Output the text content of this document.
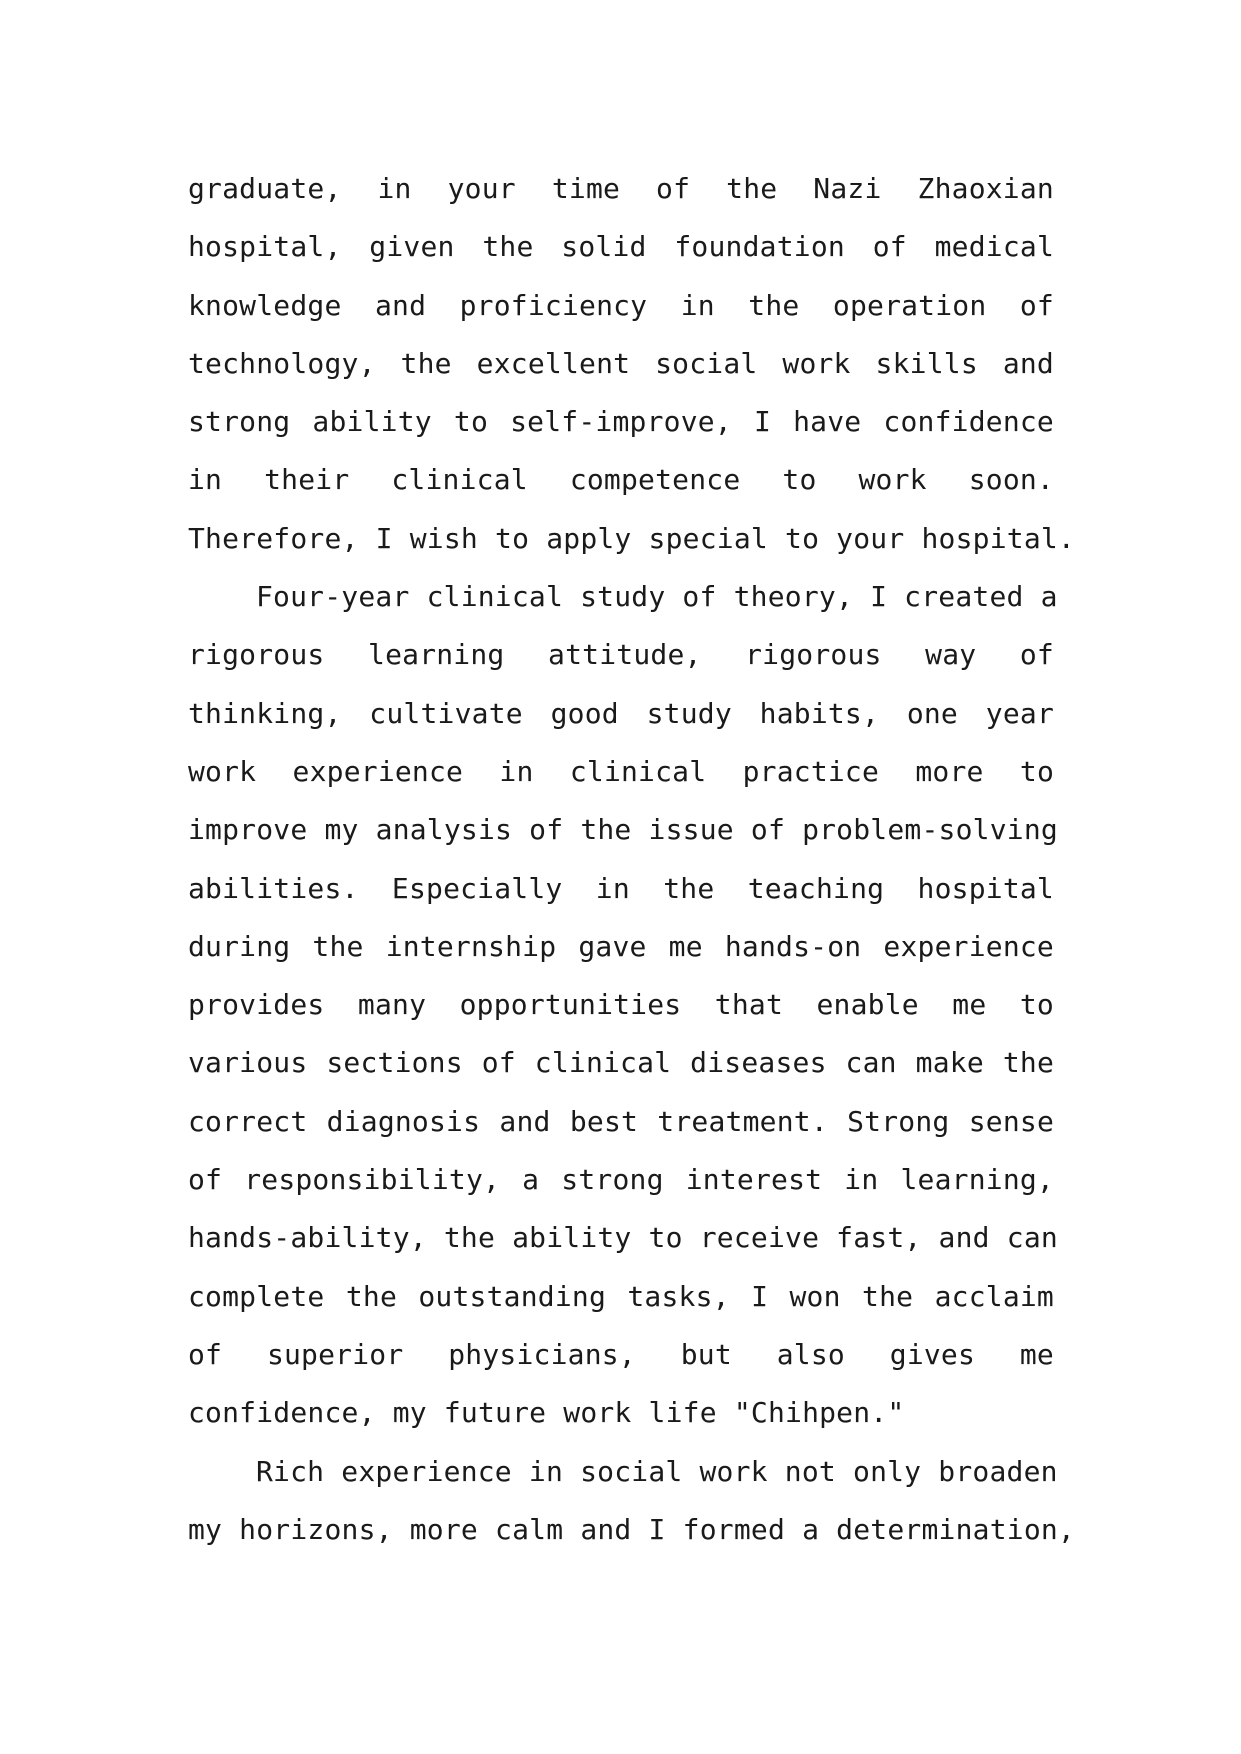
graduate, in your time of the Nazi Zhaoxian
hospital, given the solid foundation of medical
knowledge and proficiency in the operation of
technology, the excellent social work skills and
strong ability to self-improve, I have confidence
in their clinical competence to work soon.
Therefore, I wish to apply special to your hospital.
Four-year clinical study of theory, I created a
rigorous learning attitude, rigorous way of
thinking, cultivate good study habits, one year
work experience in clinical practice more to
improve my analysis of the issue of problem-solving
abilities. Especially in the teaching hospital
during the internship gave me hands-on experience
provides many opportunities that enable me to
various sections of clinical diseases can make the
correct diagnosis and best treatment. Strong sense
of responsibility, a strong interest in learning,
hands-ability, the ability to receive fast, and can
complete the outstanding tasks, I won the acclaim
of superior physicians, but also gives me
confidence, my future work life "Chihpen."
Rich experience in social work not only broaden
my horizons, more calm and I formed a determination,
